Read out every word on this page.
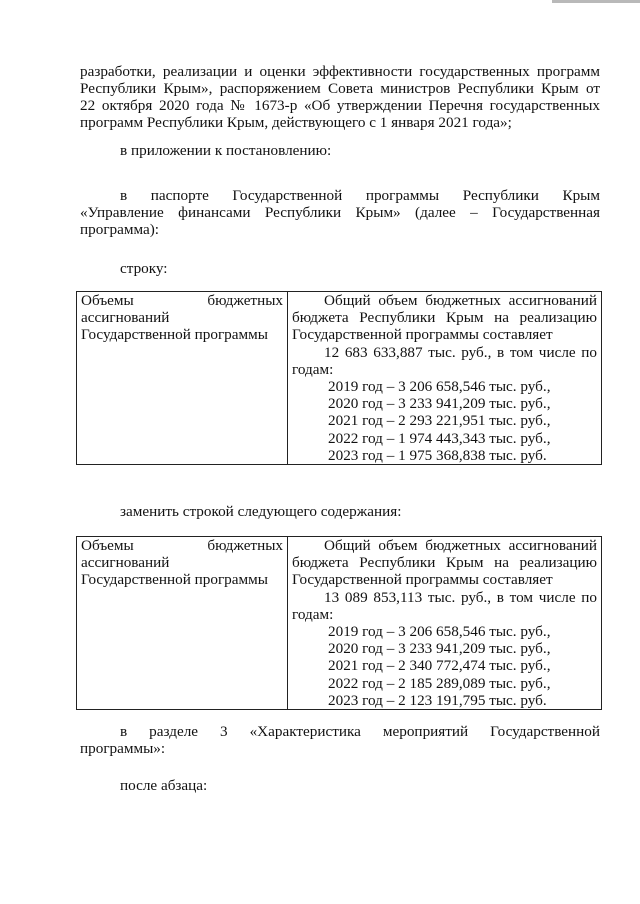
разработки, реализации и оценки эффективности государственных программ

Республики Крым», распоряжением Совета министров Республики Крым от

22 октября 2020 года № 1673-р «Об утверждении Перечня государственных

программ Республики Крым, действующего с 1 января 2021 года»;

в приложении к постановлению:

в паспорте Государственной программы Республики Крым

«Управление финансами Республики Крым» (далее – Государственная

программа):

строку:

Объемы бюджетных
ассигнований
Государственной программы

Общий объем бюджетных ассигнований
бюджета Республики Крым на реализацию
Государственной программы составляет
12 683 633,887 тыс. руб., в том числе по
годам:
2019 год – 3 206 658,546 тыс. руб.,
2020 год – 3 233 941,209 тыс. руб.,
2021 год – 2 293 221,951 тыс. руб.,
2022 год – 1 974 443,343 тыс. руб.,
2023 год – 1 975 368,838 тыс. руб.

заменить строкой следующего содержания:

Объемы бюджетных
ассигнований
Государственной программы

Общий объем бюджетных ассигнований
бюджета Республики Крым на реализацию
Государственной программы составляет
13 089 853,113 тыс. руб., в том числе по
годам:
2019 год – 3 206 658,546 тыс. руб.,
2020 год – 3 233 941,209 тыс. руб.,
2021 год – 2 340 772,474 тыс. руб.,
2022 год – 2 185 289,089 тыс. руб.,
2023 год – 2 123 191,795 тыс. руб.

в разделе 3 «Характеристика мероприятий Государственной

программы»:

после абзаца:
